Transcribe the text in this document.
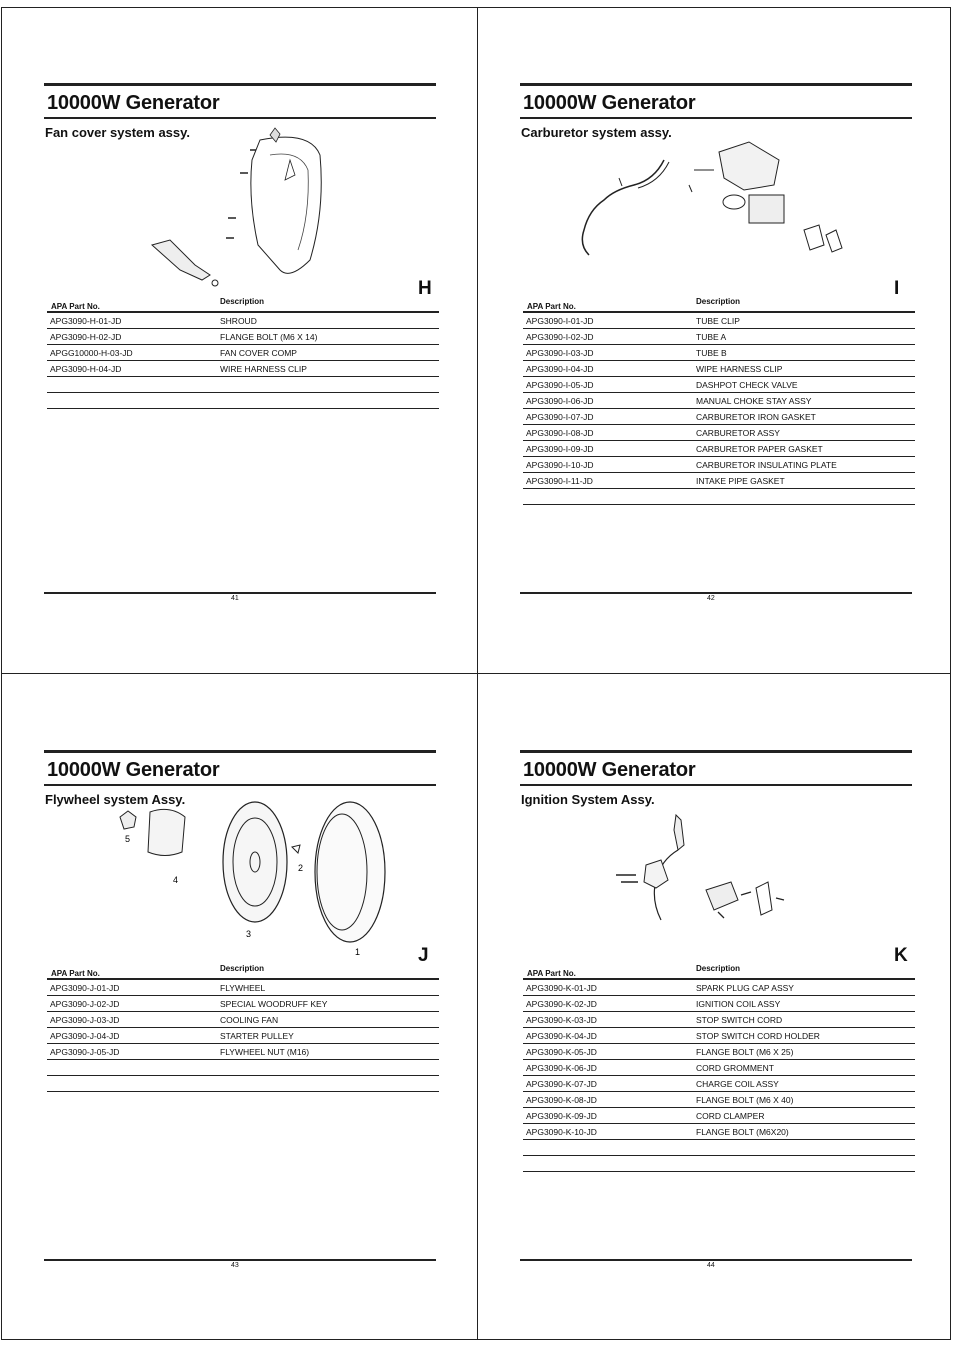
10000W Generator
Fan cover system assy.
H
APA Part No.	Description
APG3090-H-01-JD	SHROUD
APG3090-H-02-JD	FLANGE BOLT (M6 X 14)
APGG10000-H-03-JD	FAN COVER COMP
APG3090-H-04-JD	WIRE HARNESS CLIP

41
10000W Generator
Carburetor system assy.
I
APA Part No.	Description
APG3090-I-01-JD	TUBE CLIP
APG3090-I-02-JD	TUBE A
APG3090-I-03-JD	TUBE B
APG3090-I-04-JD	WIPE HARNESS CLIP
APG3090-I-05-JD	DASHPOT CHECK VALVE
APG3090-I-06-JD	MANUAL CHOKE STAY ASSY
APG3090-I-07-JD	CARBURETOR IRON GASKET
APG3090-I-08-JD	CARBURETOR ASSY
APG3090-I-09-JD	CARBURETOR PAPER GASKET
APG3090-I-10-JD	CARBURETOR INSULATING PLATE
APG3090-I-11-JD	INTAKE PIPE GASKET

42
10000W Generator
Flywheel system Assy.
5
4
3
2
1	J
APA Part No.	Description
APG3090-J-01-JD	FLYWHEEL
APG3090-J-02-JD	SPECIAL WOODRUFF KEY
APG3090-J-03-JD	COOLING FAN
APG3090-J-04-JD	STARTER PULLEY
APG3090-J-05-JD	FLYWHEEL NUT (M16)

43
10000W Generator
Ignition System Assy.
K
APA Part No.	Description
APG3090-K-01-JD	SPARK PLUG CAP ASSY
APG3090-K-02-JD	IGNITION COIL ASSY
APG3090-K-03-JD	STOP SWITCH CORD
APG3090-K-04-JD	STOP SWITCH CORD HOLDER
APG3090-K-05-JD	FLANGE BOLT (M6 X 25)
APG3090-K-06-JD	CORD GROMMENT
APG3090-K-07-JD	CHARGE COIL ASSY
APG3090-K-08-JD	FLANGE BOLT (M6 X 40)
APG3090-K-09-JD	CORD CLAMPER
APG3090-K-10-JD	FLANGE BOLT (M6X20)

44
